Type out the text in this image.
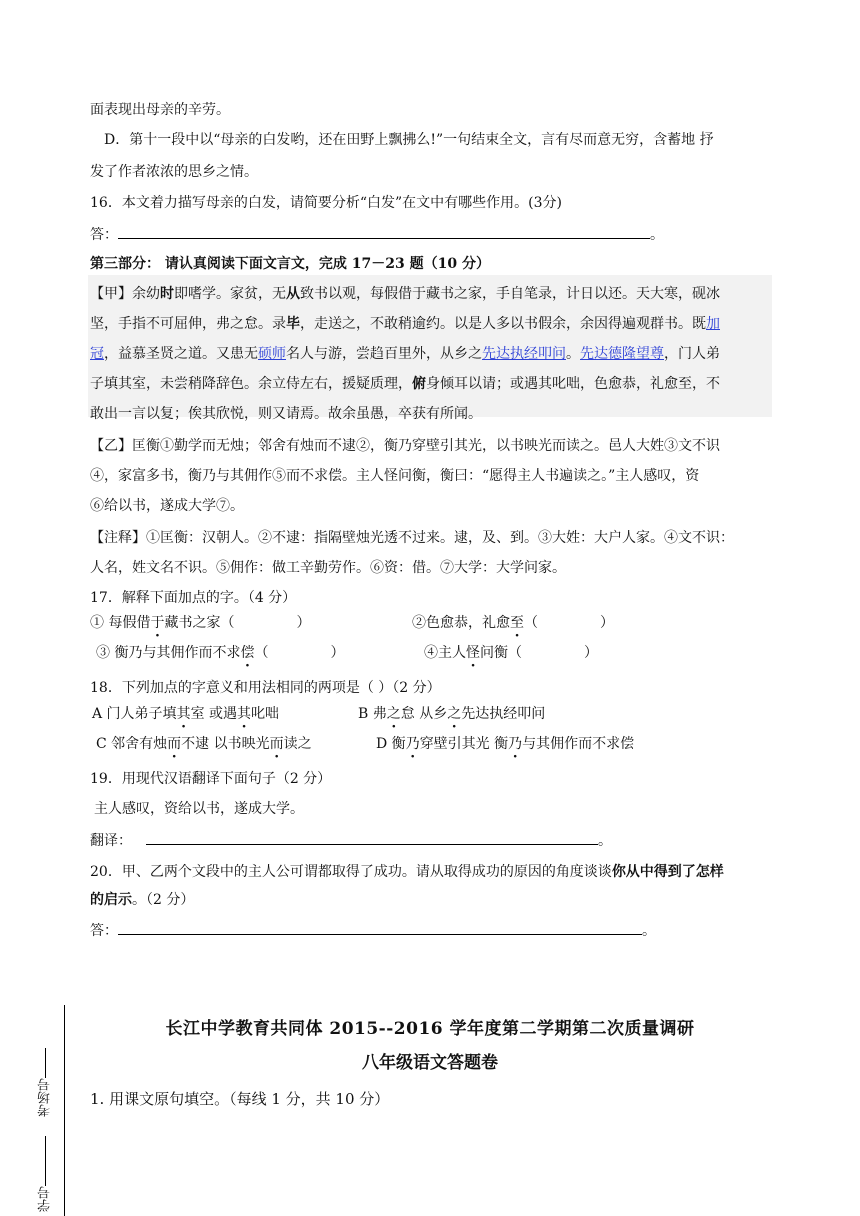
面表现出母亲的辛劳。
D．第十一段中以“母亲的白发哟，还在田野上飘拂么!”一句结束全文，言有尽而意无穷，含蓄地 抒
发了作者浓浓的思乡之情。
16．本文着力描写母亲的白发，请简要分析“白发”在文中有哪些作用。(3分)
答：	。
第三部分： 请认真阅读下面文言文，完成 17－23 题（10 分）
【甲】余幼时即嗜学。家贫，无从致书以观，每假借于藏书之家，手自笔录，计日以还。天大寒，砚冰
坚，手指不可屈伸，弗之怠。录毕，走送之，不敢稍逾约。以是人多以书假余，余因得遍观群书。既加
冠，益慕圣贤之道。又患无硕师名人与游，尝趋百里外，从乡之先达执经叩问。先达德隆望尊，门人弟
子填其室，未尝稍降辞色。余立侍左右，援疑质理，俯身倾耳以请；或遇其叱咄，色愈恭，礼愈至，不
敢出一言以复；俟其欣悦，则又请焉。故余虽愚，卒获有所闻。
【乙】匡衡①勤学而无烛；邻舍有烛而不逮②，衡乃穿壁引其光，以书映光而读之。邑人大姓③文不识
④，家富多书，衡乃与其佣作⑤而不求偿。主人怪问衡，衡曰：“愿得主人书遍读之。”主人感叹，资
⑥给以书，遂成大学⑦。
【注释】①匡衡：汉朝人。②不逮：指隔壁烛光透不过来。逮，及、到。③大姓：大户人家。④文不识：
人名，姓文名不识。⑤佣作：做工辛勤劳作。⑥资：借。⑦大学：大学问家。
17．解释下面加点的字。（4 分）
① 每假借于藏书之家（	）	②色愈恭，礼愈至（	）
③ 衡乃与其佣作而不求偿（	）	④主人怪问衡（	）
18．下列加点的字意义和用法相同的两项是（ ）（2 分）
A 门人弟子填其室 或遇其叱咄	B 弗之怠 从乡之先达执经叩问
C 邻舍有烛而不逮 以书映光而读之	D 衡乃穿壁引其光 衡乃与其佣作而不求偿
19．用现代汉语翻译下面句子（2 分）
主人感叹，资给以书，遂成大学。
翻译：	。
20．甲、乙两个文段中的主人公可谓都取得了成功。请从取得成功的原因的角度谈谈你从中得到了怎样
的启示。（2 分）
答：	。
考场号
学号
长江中学教育共同体 2015--2016 学年度第二学期第二次质量调研
八年级语文答题卷
1. 用课文原句填空。（每线 1 分，共 10 分）
